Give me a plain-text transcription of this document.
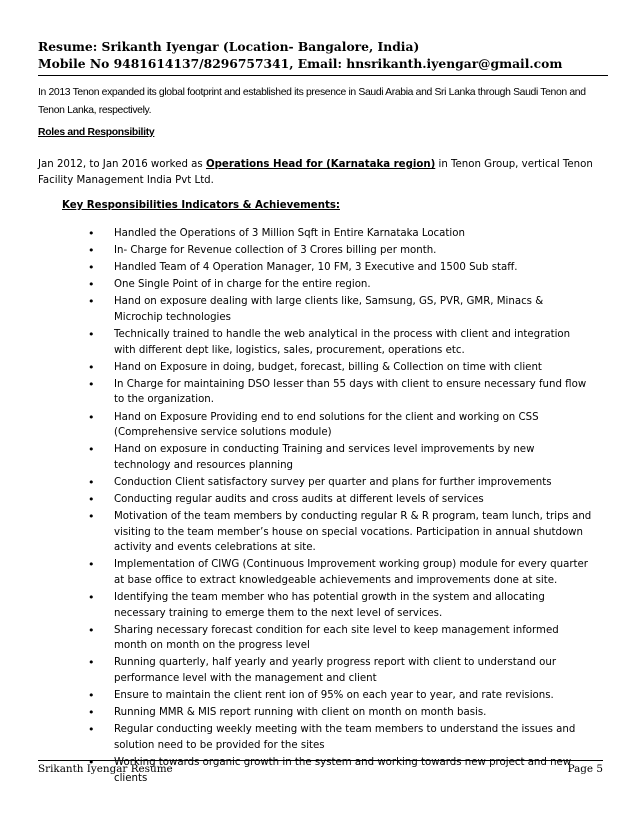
Resume: Srikanth Iyengar (Location- Bangalore, India)
Mobile No 9481614137/8296757341, Email: hnsrikanth.iyengar@gmail.com
In 2013 Tenon expanded its global footprint and established its presence in Saudi Arabia and Sri Lanka through Saudi Tenon and Tenon Lanka, respectively.
Roles and Responsibility
Jan 2012, to Jan 2016 worked as Operations Head for (Karnataka region) in Tenon Group, vertical Tenon Facility Management India Pvt Ltd.
Key Responsibilities Indicators & Achievements:
• Handled the Operations of 3 Million Sqft in Entire Karnataka Location
• In- Charge for Revenue collection of 3 Crores billing per month.
• Handled Team of 4 Operation Manager, 10 FM, 3 Executive and 1500 Sub staff.
• One Single Point of in charge for the entire region.
• Hand on exposure dealing with large clients like, Samsung, GS, PVR, GMR, Minacs & Microchip technologies
• Technically trained to handle the web analytical in the process with client and integration with different dept like, logistics, sales, procurement, operations etc.
• Hand on Exposure in doing, budget, forecast, billing & Collection on time with client
• In Charge for maintaining DSO lesser than 55 days with client to ensure necessary fund flow to the organization.
• Hand on Exposure Providing end to end solutions for the client and working on CSS (Comprehensive service solutions module)
• Hand on exposure in conducting Training and services level improvements by new technology and resources planning
• Conduction Client satisfactory survey per quarter and plans for further improvements
• Conducting regular audits and cross audits at different levels of services
• Motivation of the team members by conducting regular R & R program, team lunch, trips and visiting to the team member’s house on special vocations. Participation in annual shutdown activity and events celebrations at site.
• Implementation of CIWG (Continuous Improvement working group) module for every quarter at base office to extract knowledgeable achievements and improvements done at site.
• Identifying the team member who has potential growth in the system and allocating necessary training to emerge them to the next level of services.
• Sharing necessary forecast condition for each site level to keep management informed month on month on the progress level
• Running quarterly, half yearly and yearly progress report with client to understand our performance level with the management and client
• Ensure to maintain the client rent ion of 95% on each year to year, and rate revisions.
• Running MMR & MIS report running with client on month on month basis.
• Regular conducting weekly meeting with the team members to understand the issues and solution need to be provided for the sites
• Working towards organic growth in the system and working towards new project and new clients
Srikanth Iyengar Resume	Page 5
